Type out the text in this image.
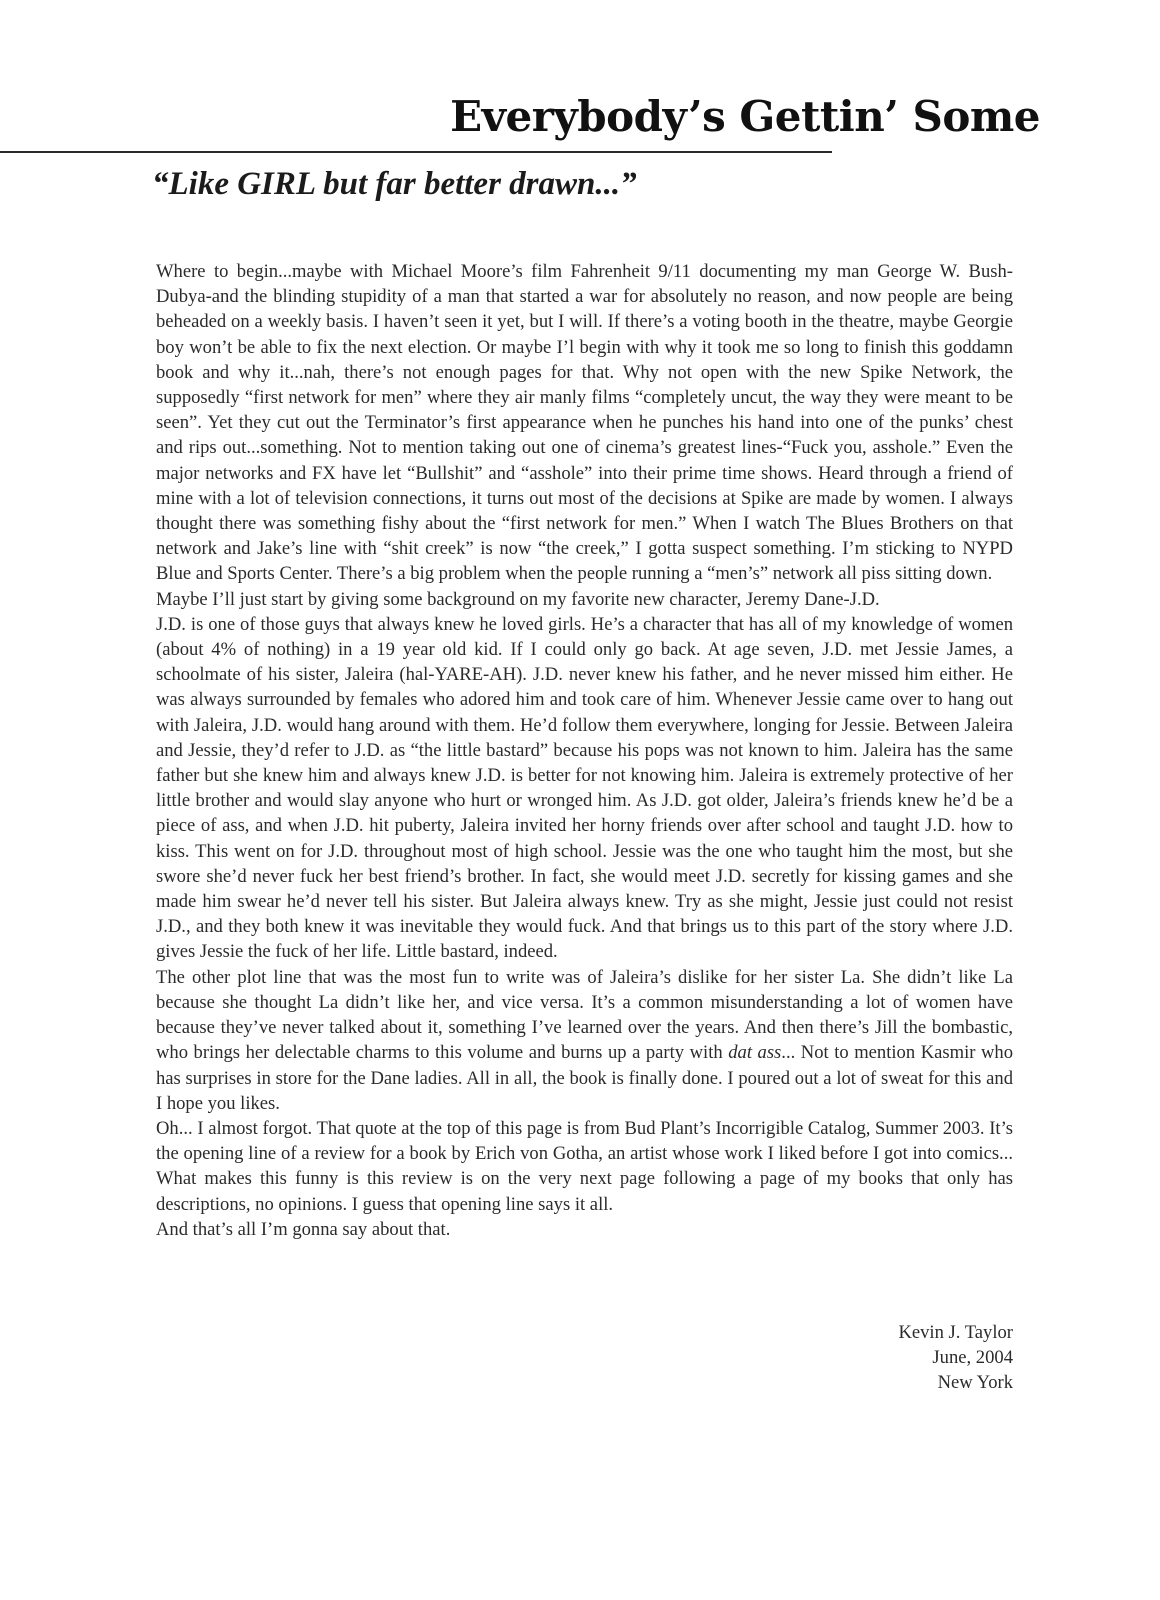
Everybody’s Gettin’ Some
“Like GIRL but far better drawn...”

Where to begin...maybe with Michael Moore’s film Fahrenheit 9/11 documenting my man George W. Bush-Dubya-and the blinding stupidity of a man that started a war for absolutely no reason, and now people are being beheaded on a weekly basis. I haven’t seen it yet, but I will. If there’s a voting booth in the theatre, maybe Georgie boy won’t be able to fix the next election. Or maybe I’l begin with why it took me so long to finish this goddamn book and why it...nah, there’s not enough pages for that. Why not open with the new Spike Network, the supposedly “first network for men” where they air manly films “completely uncut, the way they were meant to be seen”. Yet they cut out the Terminator’s first appearance when he punches his hand into one of the punks’ chest and rips out...something. Not to mention taking out one of cinema’s greatest lines-“Fuck you, asshole.” Even the major networks and FX have let “Bullshit” and “asshole” into their prime time shows. Heard through a friend of mine with a lot of television connections, it turns out most of the decisions at Spike are made by women. I always thought there was something fishy about the “first network for men.” When I watch The Blues Brothers on that network and Jake’s line with “shit creek” is now “the creek,” I gotta suspect something. I’m sticking to NYPD Blue and Sports Center. There’s a big problem when the people running a “men’s” network all piss sitting down.

Maybe I’ll just start by giving some background on my favorite new character, Jeremy Dane-J.D.

J.D. is one of those guys that always knew he loved girls. He’s a character that has all of my knowledge of women (about 4% of nothing) in a 19 year old kid. If I could only go back. At age seven, J.D. met Jessie James, a schoolmate of his sister, Jaleira (hal-YARE-AH). J.D. never knew his father, and he never missed him either. He was always surrounded by females who adored him and took care of him. Whenever Jessie came over to hang out with Jaleira, J.D. would hang around with them. He’d follow them everywhere, longing for Jessie. Between Jaleira and Jessie, they’d refer to J.D. as “the little bastard” because his pops was not known to him. Jaleira has the same father but she knew him and always knew J.D. is better for not knowing him. Jaleira is extremely protective of her little brother and would slay anyone who hurt or wronged him. As J.D. got older, Jaleira’s friends knew he’d be a piece of ass, and when J.D. hit puberty, Jaleira invited her horny friends over after school and taught J.D. how to kiss. This went on for J.D. throughout most of high school. Jessie was the one who taught him the most, but she swore she’d never fuck her best friend’s brother. In fact, she would meet J.D. secretly for kissing games and she made him swear he’d never tell his sister. But Jaleira always knew. Try as she might, Jessie just could not resist J.D., and they both knew it was inevitable they would fuck. And that brings us to this part of the story where J.D. gives Jessie the fuck of her life. Little bastard, indeed.

The other plot line that was the most fun to write was of Jaleira’s dislike for her sister La. She didn’t like La because she thought La didn’t like her, and vice versa. It’s a common misunderstanding a lot of women have because they’ve never talked about it, something I’ve learned over the years. And then there’s Jill the bombastic, who brings her delectable charms to this volume and burns up a party with dat ass... Not to mention Kasmir who has surprises in store for the Dane ladies. All in all, the book is finally done. I poured out a lot of sweat for this and I hope you likes.

Oh... I almost forgot. That quote at the top of this page is from Bud Plant’s Incorrigible Catalog, Summer 2003. It’s the opening line of a review for a book by Erich von Gotha, an artist whose work I liked before I got into comics... What makes this funny is this review is on the very next page following a page of my books that only has descriptions, no opinions. I guess that opening line says it all.

And that’s all I’m gonna say about that.

Kevin J. Taylor
June, 2004
New York
